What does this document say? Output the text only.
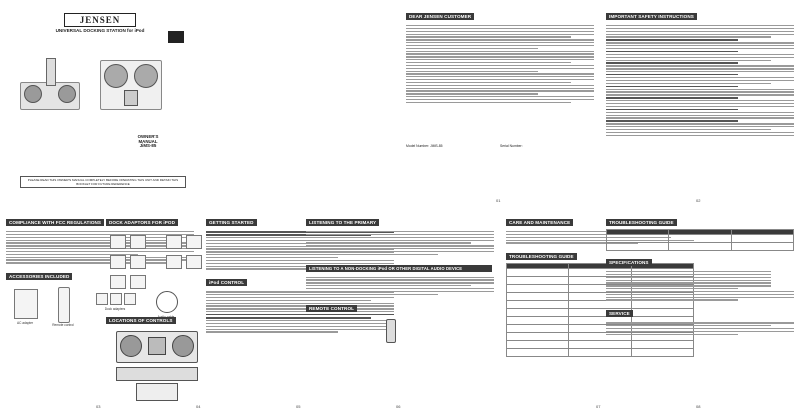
JENSEN
UNIVERSAL DOCKING STATION for iPod
OWNER'S MANUAL
JiMS-85
PLEASE READ THIS OWNER'S MANUAL COMPLETELY BEFORE OPERATING THIS UNIT AND RETAIN THIS BOOKLET FOR FUTURE REFERENCE
DEAR JENSEN CUSTOMER
Model Number: JiMS-85	Serial Number:
01
IMPORTANT SAFETY INSTRUCTIONS
02
COMPLIANCE WITH FCC REGULATIONS
ACCESSORIES INCLUDED
AC adapter	Remote control
Dock adapters
03
DOCK ADAPTORS FOR iPOD
LOCATIONS OF CONTROLS
04
GETTING STARTED
iPod CONTROL
05
LISTENING TO THE PRIMARY
LISTENING TO A NON-DOCKING iPod OR OTHER DIGITAL AUDIO DEVICE
REMOTE CONTROL
06
CARE AND MAINTENANCE
TROUBLESHOOTING GUIDE

07
TROUBLESHOOTING GUIDE

SPECIFICATIONS
SERVICE
08
